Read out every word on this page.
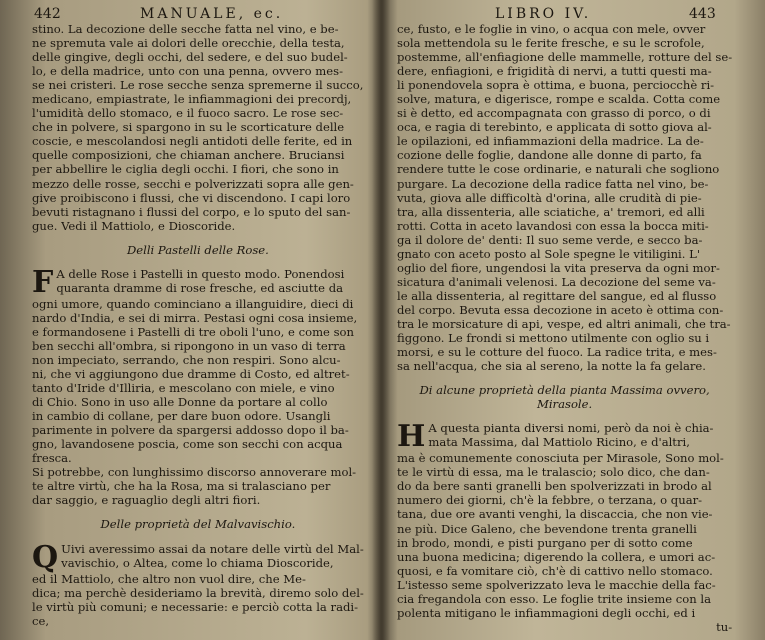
442	MANUALE, ec.
stino. La decozione delle secche fatta nel vino, e be-
ne spremuta vale ai dolori delle orecchie, della testa,
delle gingive, degli occhi, del sedere, e del suo budel-
lo, e della madrice, unto con una penna, ovvero mes-
se nei cristeri. Le rose secche senza spremerne il succo,
medicano, empiastrate, le infiammagioni dei precordj,
l'umidità dello stomaco, e il fuoco sacro. Le rose sec-
che in polvere, si spargono in su le scorticature delle
coscie, e mescolandosi negli antidoti delle ferite, ed in
quelle composizioni, che chiaman anchere. Bruciansi
per abbellire le ciglia degli occhi. I fiori, che sono in
mezzo delle rosse, secchi e polverizzati sopra alle gen-
give proibiscono i flussi, che vi discendono. I capi loro
bevuti ristagnano i flussi del corpo, e lo sputo del san-
gue. Vedi il Mattiolo, e Dioscoride.
Delli Pastelli delle Rose.
F A delle Rose i Pastelli in questo modo. Ponendosi
quaranta dramme di rose fresche, ed asciutte da
ogni umore, quando cominciano a illanguidire, dieci di
nardo d'India, e sei di mirra. Pestasi ogni cosa insieme,
e formandosene i Pastelli di tre oboli l'uno, e come son
ben secchi all'ombra, si ripongono in un vaso di terra
non impeciato, serrando, che non respiri. Sono alcu-
ni, che vi aggiungono due dramme di Costo, ed altret-
tanto d'Iride d'Illiria, e mescolano con miele, e vino
di Chio. Sono in uso alle Donne da portare al collo
in cambio di collane, per dare buon odore. Usangli
parimente in polvere da spargersi addosso dopo il ba-
gno, lavandosene poscia, come son secchi con acqua
fresca.
Si potrebbe, con lunghissimo discorso annoverare mol-
te altre virtù, che ha la Rosa, ma si tralasciano per
dar saggio, e raguaglio degli altri fiori.
Delle proprietà del Malvavischio.
Q Uivi averessimo assai da notare delle virtù del Mal-
vavischio, o Altea, come lo chiama Dioscoride,
ed il Mattiolo, che altro non vuol dire, che Me-
dica; ma perchè desideriamo la brevità, diremo solo del-
le virtù più comuni; e necessarie: e perciò cotta la radi-
ce,
LIBRO IV.	443
ce, fusto, e le foglie in vino, o acqua con mele, ovver
sola mettendola su le ferite fresche, e su le scrofole,
postemme, all'enfiagione delle mammelle, rotture del se-
dere, enfiagioni, e frigidità di nervi, a tutti questi ma-
li ponendovela sopra è ottima, e buona, perciocchè ri-
solve, matura, e digerisce, rompe e scalda. Cotta come
si è detto, ed accompagnata con grasso di porco, o di
oca, e ragia di terebinto, e applicata di sotto giova al-
le opilazioni, ed infiammazioni della madrice. La de-
cozione delle foglie, dandone alle donne di parto, fa
rendere tutte le cose ordinarie, e naturali che sogliono
purgare. La decozione della radice fatta nel vino, be-
vuta, giova alle difficoltà d'orina, alle crudità di pie-
tra, alla dissenteria, alle sciatiche, a' tremori, ed alli
rotti. Cotta in aceto lavandosi con essa la bocca miti-
ga il dolore de' denti: Il suo seme verde, e secco ba-
gnato con aceto posto al Sole spegne le vitiligini. L'
oglio del fiore, ungendosi la vita preserva da ogni mor-
sicatura d'animali velenosi. La decozione del seme va-
le alla dissenteria, al regittare del sangue, ed al flusso
del corpo. Bevuta essa decozione in aceto è ottima con-
tra le morsicature di api, vespe, ed altri animali, che tra-
figgono. Le frondi si mettono utilmente con oglio su i
morsi, e su le cotture del fuoco. La radice trita, e mes-
sa nell'acqua, che sia al sereno, la notte la fa gelare.
Di alcune proprietà della pianta Massima ovvero,
Mirasole.
H A questa pianta diversi nomi, però da noi è chia-
mata Massima, dal Mattiolo Ricino, e d'altri,
ma è comunemente conosciuta per Mirasole, Sono mol-
te le virtù di essa, ma le tralascio; solo dico, che dan-
do da bere santi granelli ben spolverizzati in brodo al
numero dei giorni, ch'è la febbre, o terzana, o quar-
tana, due ore avanti venghi, la discaccia, che non vie-
ne più. Dice Galeno, che bevendone trenta granelli
in brodo, mondi, e pisti purgano per di sotto come
una buona medicina; digerendo la collera, e umori ac-
quosi, e fa vomitare ciò, ch'è di cattivo nello stomaco.
L'istesso seme spolverizzato leva le macchie della fac-
cia fregandola con esso. Le foglie trite insieme con la
polenta mitigano le infiammagioni degli occhi, ed i
tu-
